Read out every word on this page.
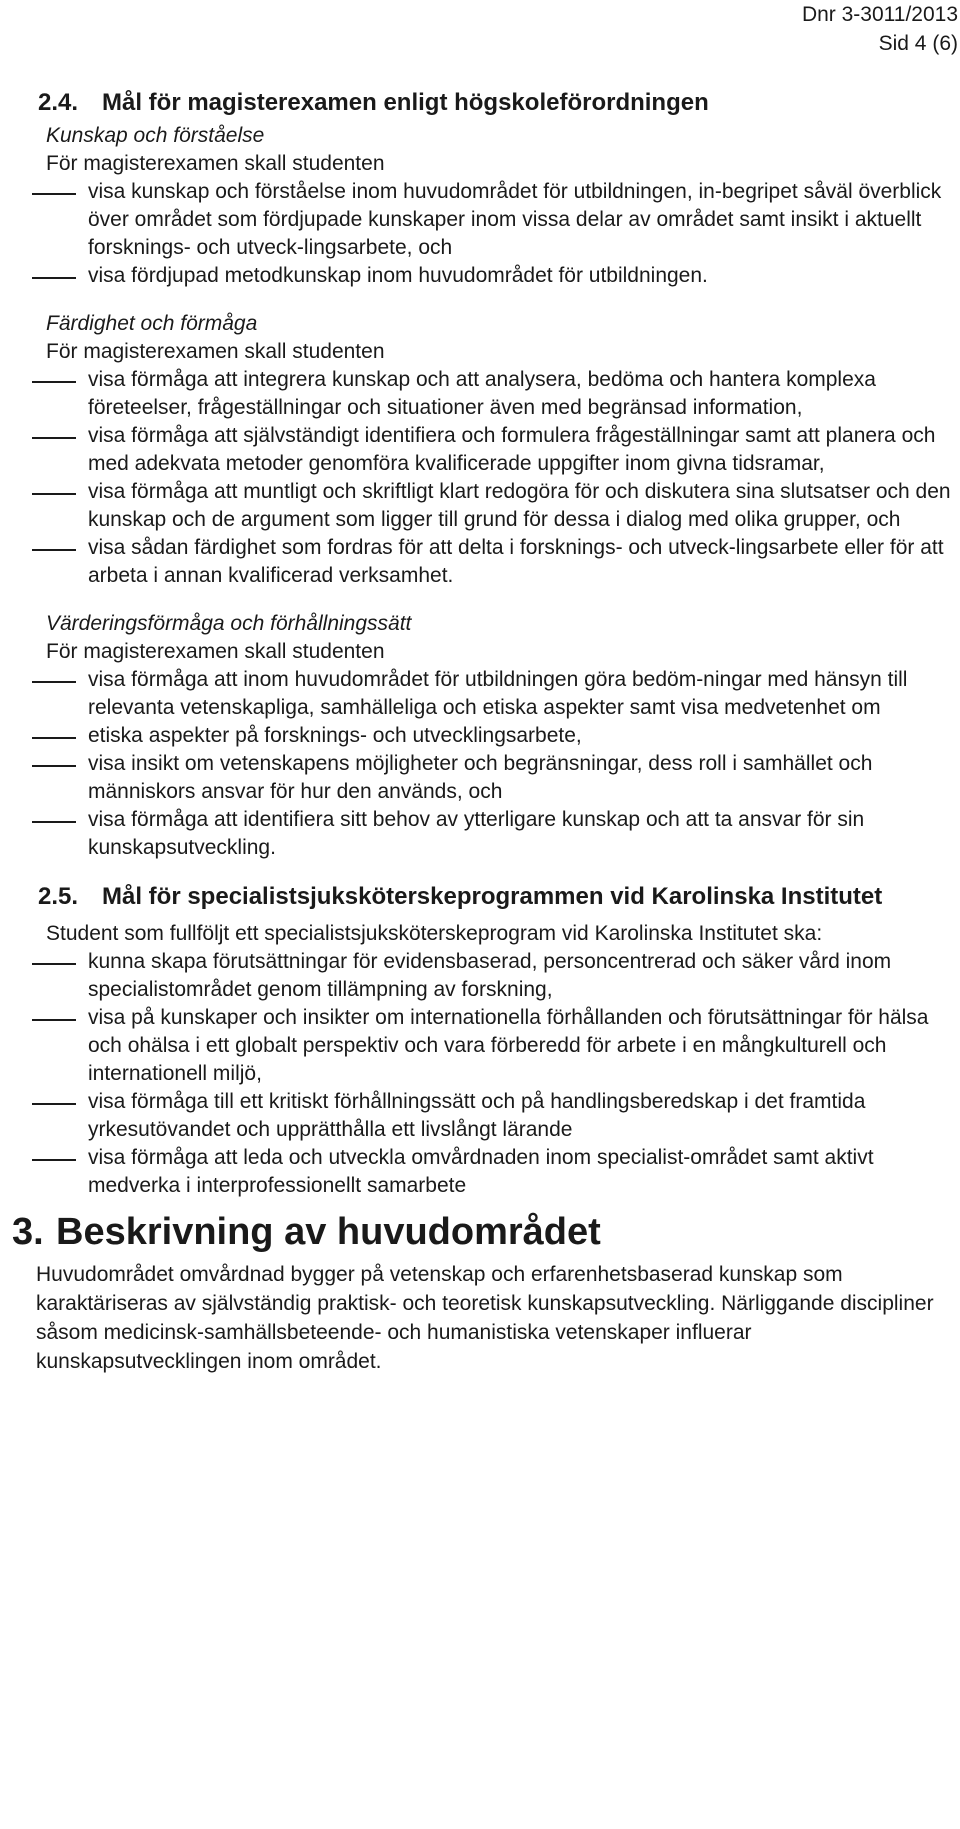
Dnr 3-3011/2013
Sid 4 (6)
2.4. Mål för magisterexamen enligt högskoleförordningen
Kunskap och förståelse
För magisterexamen skall studenten
visa kunskap och förståelse inom huvudområdet för utbildningen, in-begripet såväl överblick över området som fördjupade kunskaper inom vissa delar av området samt insikt i aktuellt forsknings- och utveck-lingsarbete, och
visa fördjupad metodkunskap inom huvudområdet för utbildningen.
Färdighet och förmåga
För magisterexamen skall studenten
visa förmåga att integrera kunskap och att analysera, bedöma och hantera komplexa företeelser, frågeställningar och situationer även med begränsad information,
visa förmåga att självständigt identifiera och formulera frågeställningar samt att planera och med adekvata metoder genomföra kvalificerade uppgifter inom givna tidsramar,
visa förmåga att muntligt och skriftligt klart redogöra för och diskutera sina slutsatser och den kunskap och de argument som ligger till grund för dessa i dialog med olika grupper, och
visa sådan färdighet som fordras för att delta i forsknings- och utveck-lingsarbete eller för att arbeta i annan kvalificerad verksamhet.
Värderingsförmåga och förhållningssätt
För magisterexamen skall studenten
visa förmåga att inom huvudområdet för utbildningen göra bedöm-ningar med hänsyn till relevanta vetenskapliga, samhälleliga och etiska aspekter samt visa medvetenhet om
etiska aspekter på forsknings- och utvecklingsarbete,
visa insikt om vetenskapens möjligheter och begränsningar, dess roll i samhället och människors ansvar för hur den används, och
visa förmåga att identifiera sitt behov av ytterligare kunskap och att ta ansvar för sin kunskapsutveckling.
2.5. Mål för specialistsjuksköterskeprogrammen vid Karolinska Institutet
Student som fullföljt ett specialistsjuksköterskeprogram vid Karolinska Institutet ska:
kunna skapa förutsättningar för evidensbaserad, personcentrerad och säker vård inom specialistområdet genom tillämpning av forskning,
visa på kunskaper och insikter om internationella förhållanden och förutsättningar för hälsa och ohälsa i ett globalt perspektiv och vara förberedd för arbete i en mångkulturell och internationell miljö,
visa förmåga till ett kritiskt förhållningssätt och på handlingsberedskap i det framtida yrkesutövandet och upprätthålla ett livslångt lärande
visa förmåga att leda och utveckla omvårdnaden inom specialist-området samt aktivt medverka i interprofessionellt samarbete
3. Beskrivning av huvudområdet
Huvudområdet omvårdnad bygger på vetenskap och erfarenhetsbaserad kunskap som karaktäriseras av självständig praktisk- och teoretisk kunskapsutveckling. Närliggande discipliner såsom medicinsk-samhällsbeteende- och humanistiska vetenskaper influerar kunskapsutvecklingen inom området.
